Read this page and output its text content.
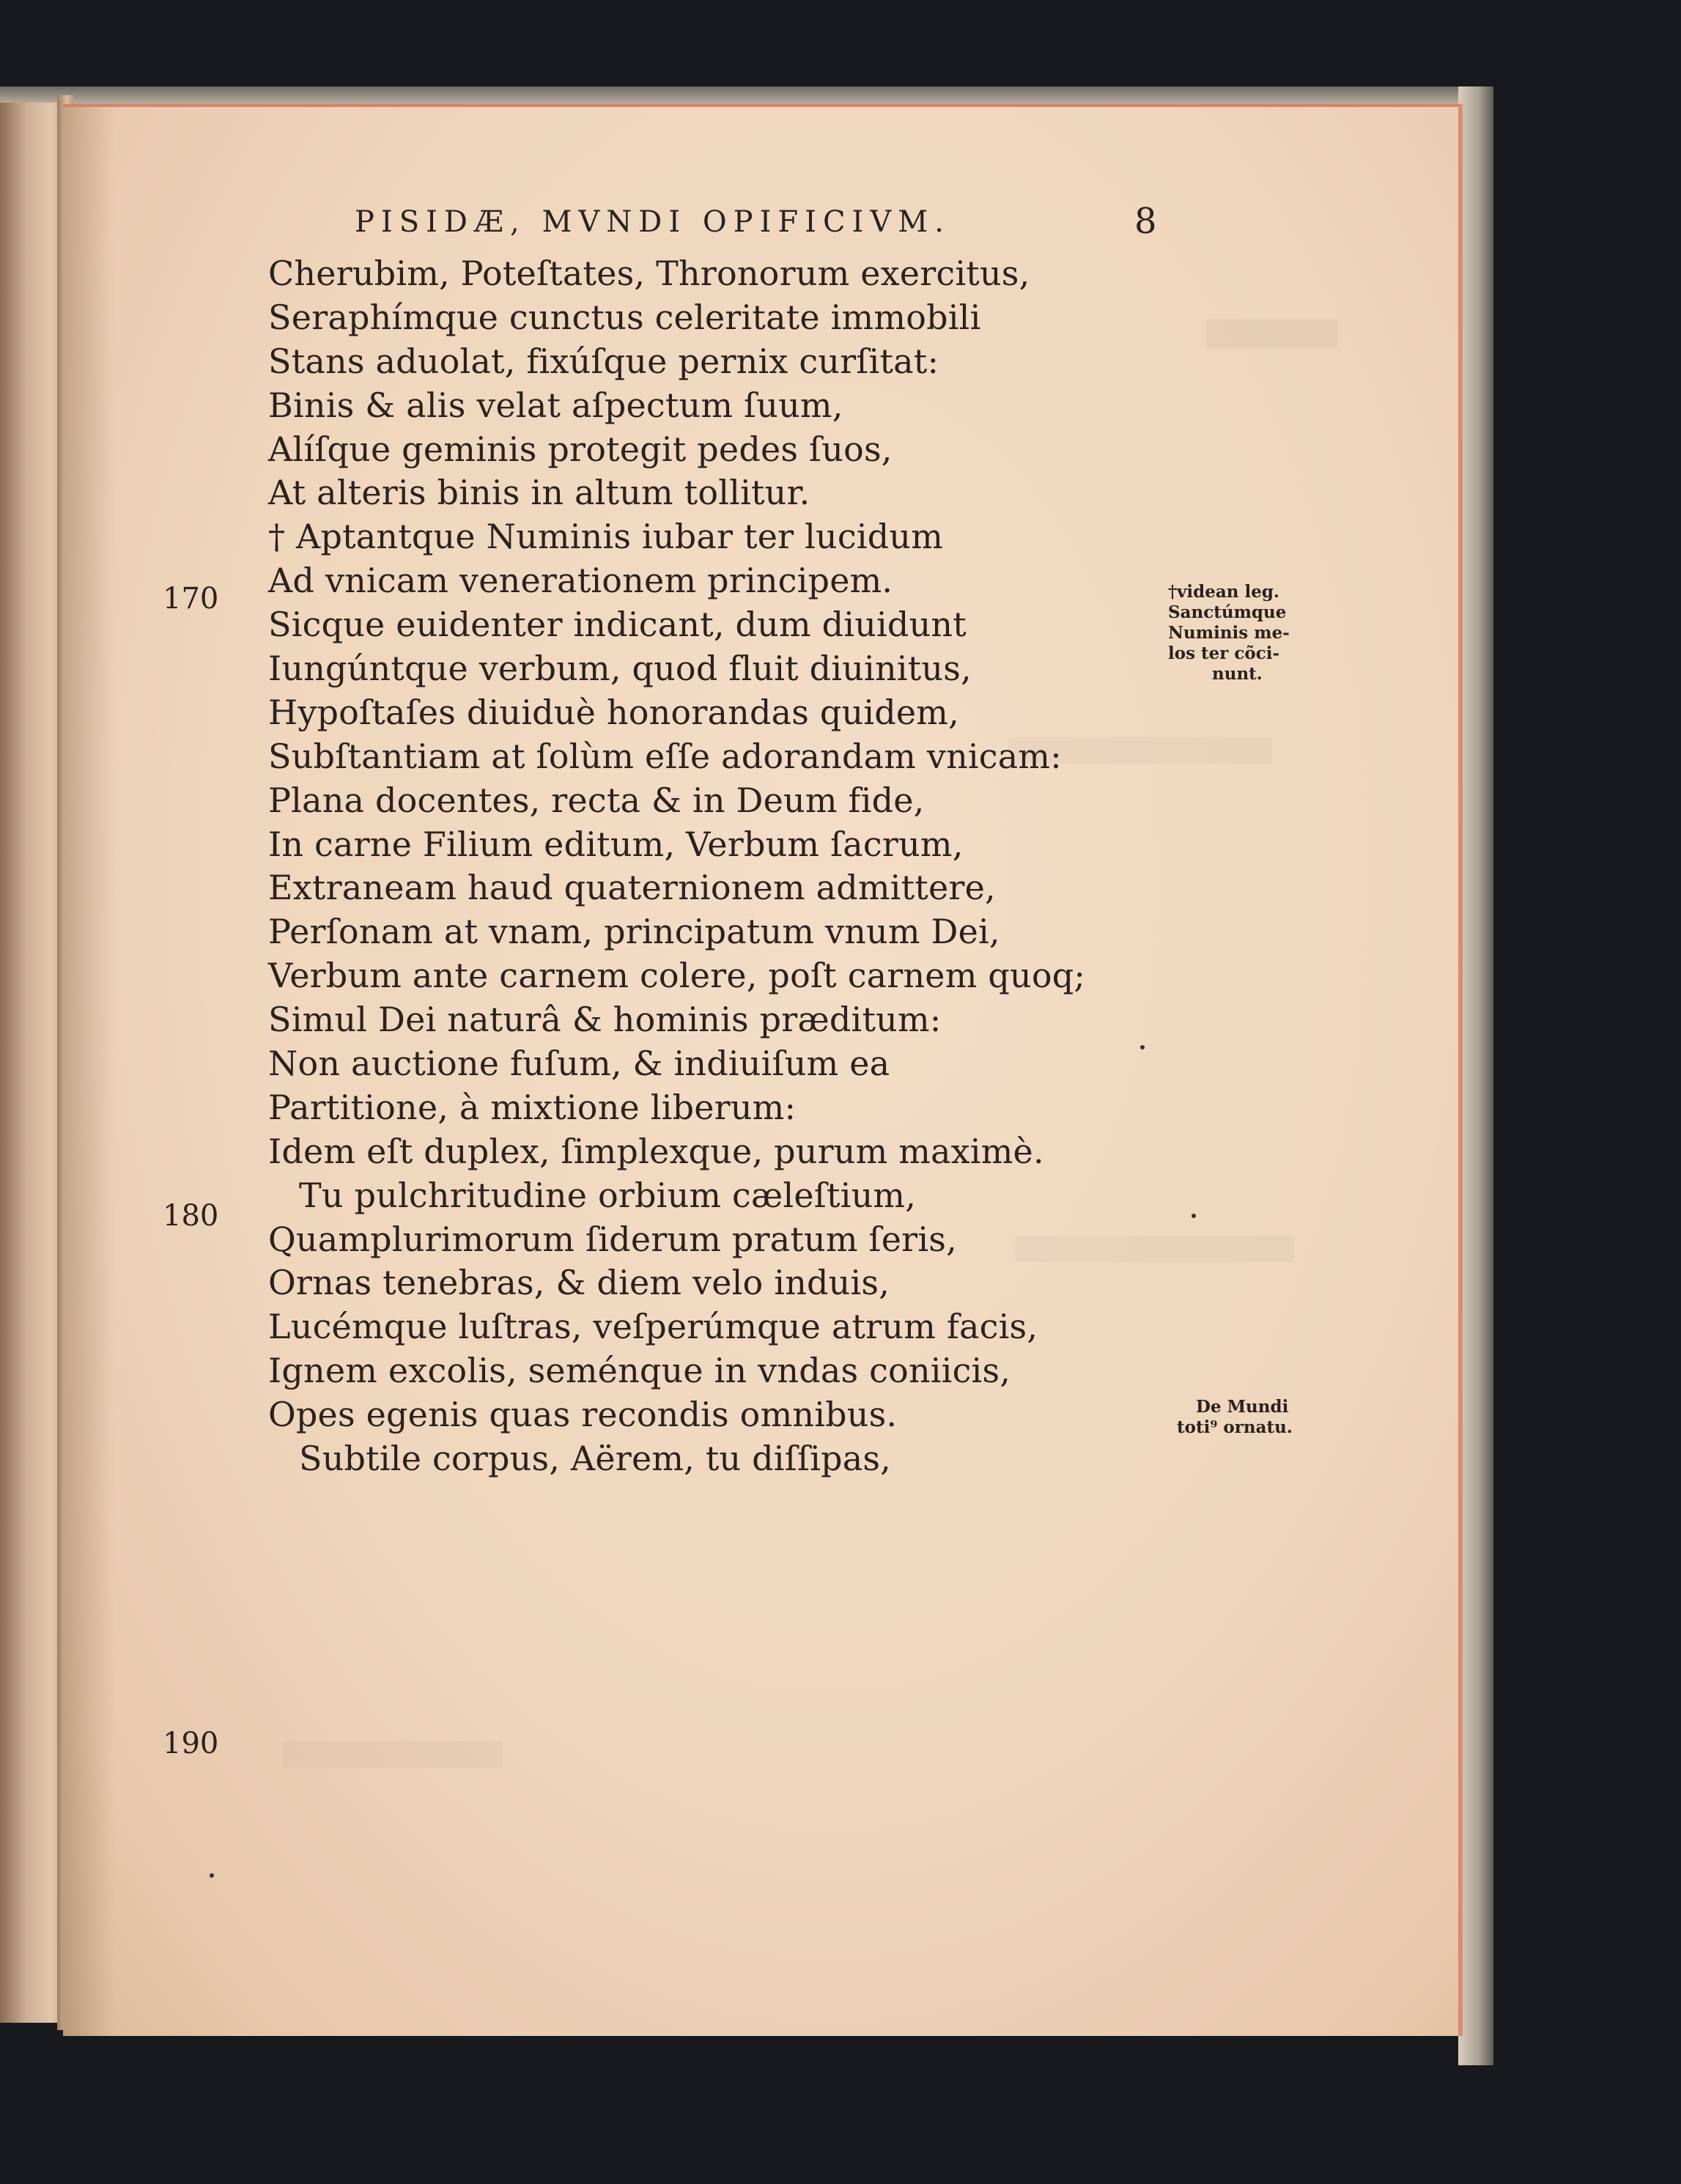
PISIDÆ, MVNDI OPIFICIVM.	8
Cherubim, Poteſtates, Thronorum exercitus,
Seraphímque cunctus celeritate immobili
Stans aduolat, fixúſque pernix curſitat:
Binis & alis velat aſpectum ſuum,
Alíſque geminis protegit pedes ſuos,
At alteris binis in altum tollitur.
† Aptantque Numinis iubar ter lucidum
Ad vnicam venerationem principem.
Sicque euidenter indicant, dum diuidunt
Iungúntque verbum, quod fluit diuinitus,
Hypoſtaſes diuiduè honorandas quidem,
Subſtantiam at ſolùm eſſe adorandam vnicam:
Plana docentes, recta & in Deum fide,
In carne Filium editum, Verbum ſacrum,
Extraneam haud quaternionem admittere,
Perſonam at vnam, principatum vnum Dei,
Verbum ante carnem colere, poſt carnem quoq;
Simul Dei naturâ & hominis præditum:
Non auctione fuſum, & indiuiſum ea
Partitione, à mixtione liberum:
Idem eſt duplex, ſimplexque, purum maximè.
Tu pulchritudine orbium cæleſtium,
Quamplurimorum ſiderum pratum ſeris,
Ornas tenebras, & diem velo induis,
Lucémque luſtras, veſperúmque atrum facis,
Ignem excolis, seménque in vndas coniicis,
Opes egenis quas recondis omnibus.
Subtile corpus, Aërem, tu diſſipas,
170
180
190
†videan leg.
Sanctúmque
Numinis me-
los ter cõci-
nunt.
De Mundi
toti⁹ ornatu.
